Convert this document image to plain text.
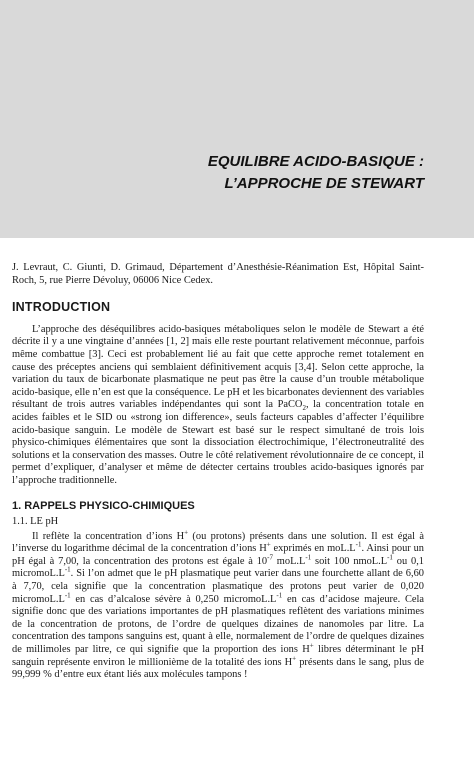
EQUILIBRE ACIDO-BASIQUE :
L’APPROCHE DE STEWART

J. Levraut, C. Giunti, D. Grimaud, Département d’Anesthésie-Réanimation Est, Hôpital Saint-Roch, 5, rue Pierre Dévoluy, 06006 Nice Cedex.

INTRODUCTION

L’approche des déséquilibres acido-basiques métaboliques selon le modèle de Stewart a été décrite il y a une vingtaine d’années [1, 2] mais elle reste pourtant relativement méconnue, parfois même combattue [3]. Ceci est probablement lié au fait que cette approche remet totalement en cause des préceptes anciens qui semblaient définitivement acquis [3,4]. Selon cette approche, la variation du taux de bicarbonate plasmatique ne peut pas être la cause d’un trouble métabolique acido-basique, elle n’en est que la conséquence. Le pH et les bicarbonates deviennent des variables résultant de trois autres variables indépendantes qui sont la PaCO$_2$, la concentration totale en acides faibles et le SID ou «strong ion difference», seuls facteurs capables d’affecter l’équilibre acido-basique sanguin. Le modèle de Stewart est basé sur le respect simultané de trois lois physico-chimiques élémentaires que sont la dissociation électrochimique, l’électroneutralité des solutions et la conservation des masses. Outre le côté relativement révolutionnaire de ce concept, il permet d’expliquer, d’analyser et même de détecter certains troubles acido-basiques ignorés par l’approche traditionnelle.

1. RAPPELS PHYSICO-CHIMIQUES
1.1. LE pH

Il reflète la concentration d’ions H+ (ou protons) présents dans une solution. Il est égal à l’inverse du logarithme décimal de la concentration d’ions H+ exprimés en $moL.L^{-1}$. Ainsi pour un pH égal à 7,00, la concentration des protons est égale à $10^{-7}$ $moL.L^{-1}$ soit 100 $nmoL.L^{-1}$ ou 0,1 $micromoL.L^{-1}$. Si l’on admet que le pH plasmatique peut varier dans une fourchette allant de 6,60 à 7,70, cela signifie que la concentration plasmatique des protons peut varier de 0,020 $micromoL.L^{-1}$ en cas d’alcalose sévère à 0,250 $micromoL.L^{-1}$ en cas d’acidose majeure. Cela signifie donc que des variations importantes de pH plasmatiques reflètent des variations minimes de la concentration de protons, de l’ordre de quelques dizaines de nanomoles par litre. La concentration des tampons sanguins est, quant à elle, normalement de l’ordre de quelques dizaines de millimoles par litre, ce qui signifie que la proportion des ions H+ libres déterminant le pH sanguin représente environ le millionième de la totalité des ions H+ présents dans le sang, plus de 99,999 % d’entre eux étant liés aux molécules tampons !
